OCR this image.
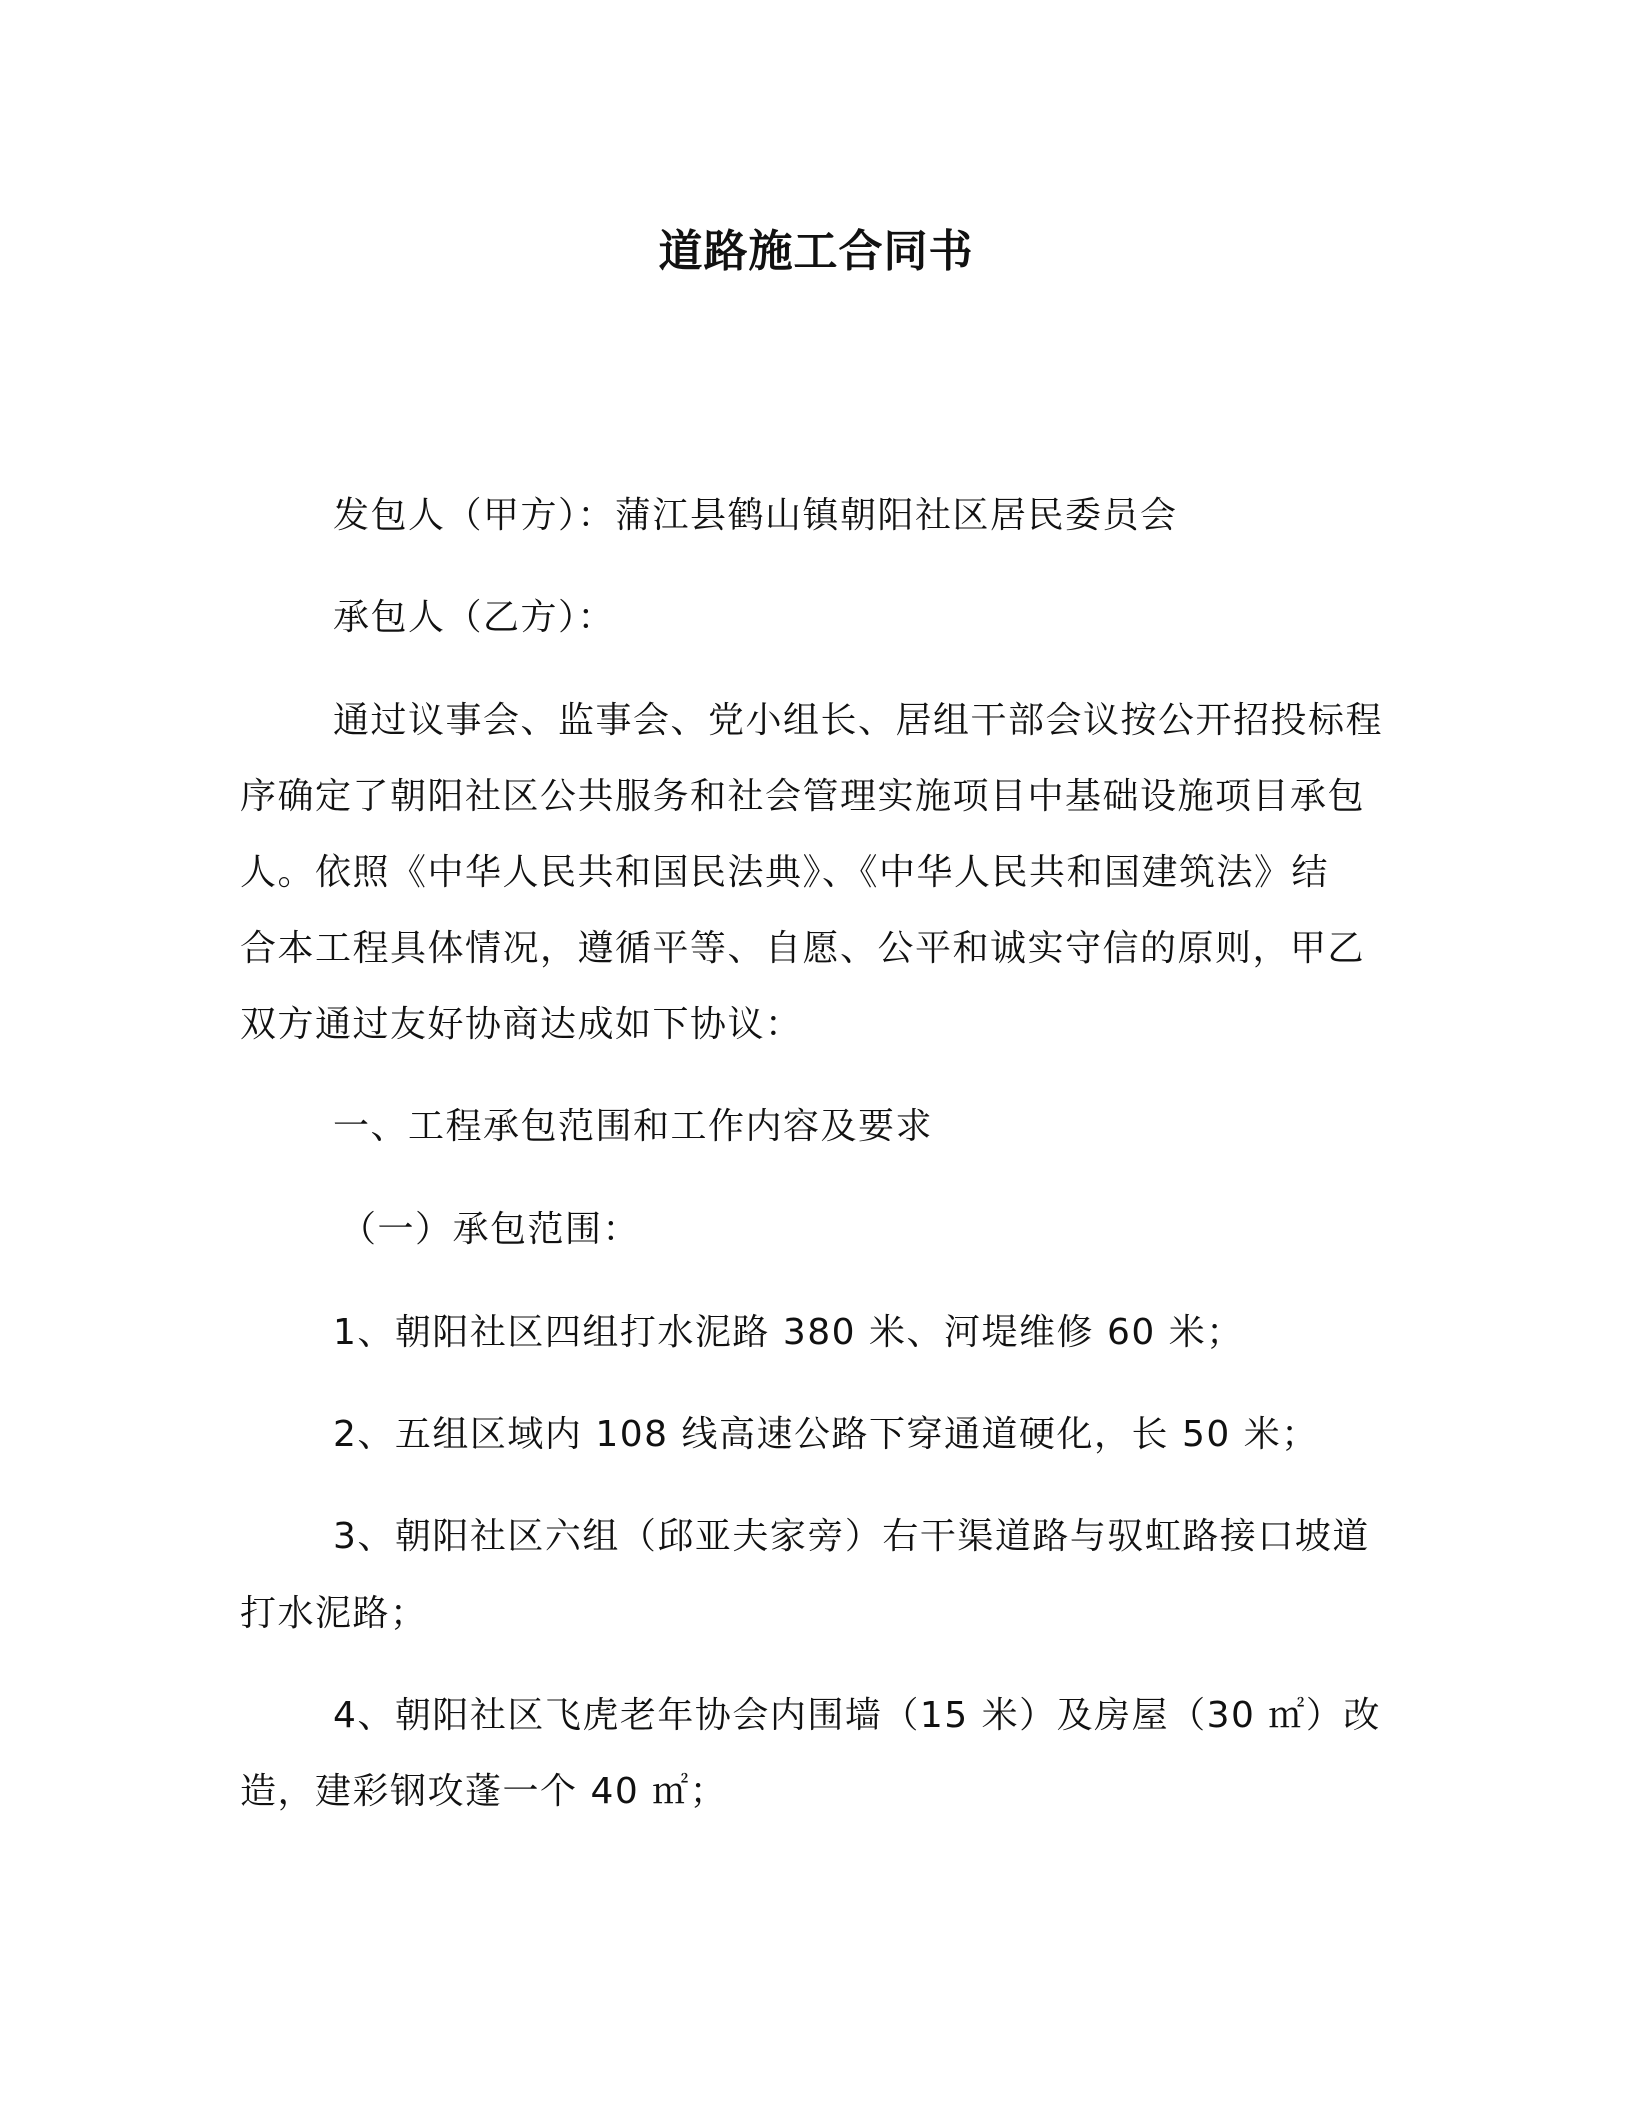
道路施工合同书
发包人（甲方）：蒲江县鹤山镇朝阳社区居民委员会
承包人（乙方）：
通过议事会、监事会、党小组长、居组干部会议按公开招投标程
序确定了朝阳社区公共服务和社会管理实施项目中基础设施项目承包
人。依照《中华人民共和国民法典》、《中华人民共和国建筑法》结
合本工程具体情况，遵循平等、自愿、公平和诚实守信的原则，甲乙
双方通过友好协商达成如下协议：
一、工程承包范围和工作内容及要求
（一）承包范围：
1、朝阳社区四组打水泥路 380 米、河堤维修 60 米；
2、五组区域内 108 线高速公路下穿通道硬化，长 50 米；
3、朝阳社区六组（邱亚夫家旁）右干渠道路与驭虹路接口坡道
打水泥路；
4、朝阳社区飞虎老年协会内围墙（15 米）及房屋（30 ㎡）改
造，建彩钢攻蓬一个 40 ㎡；
